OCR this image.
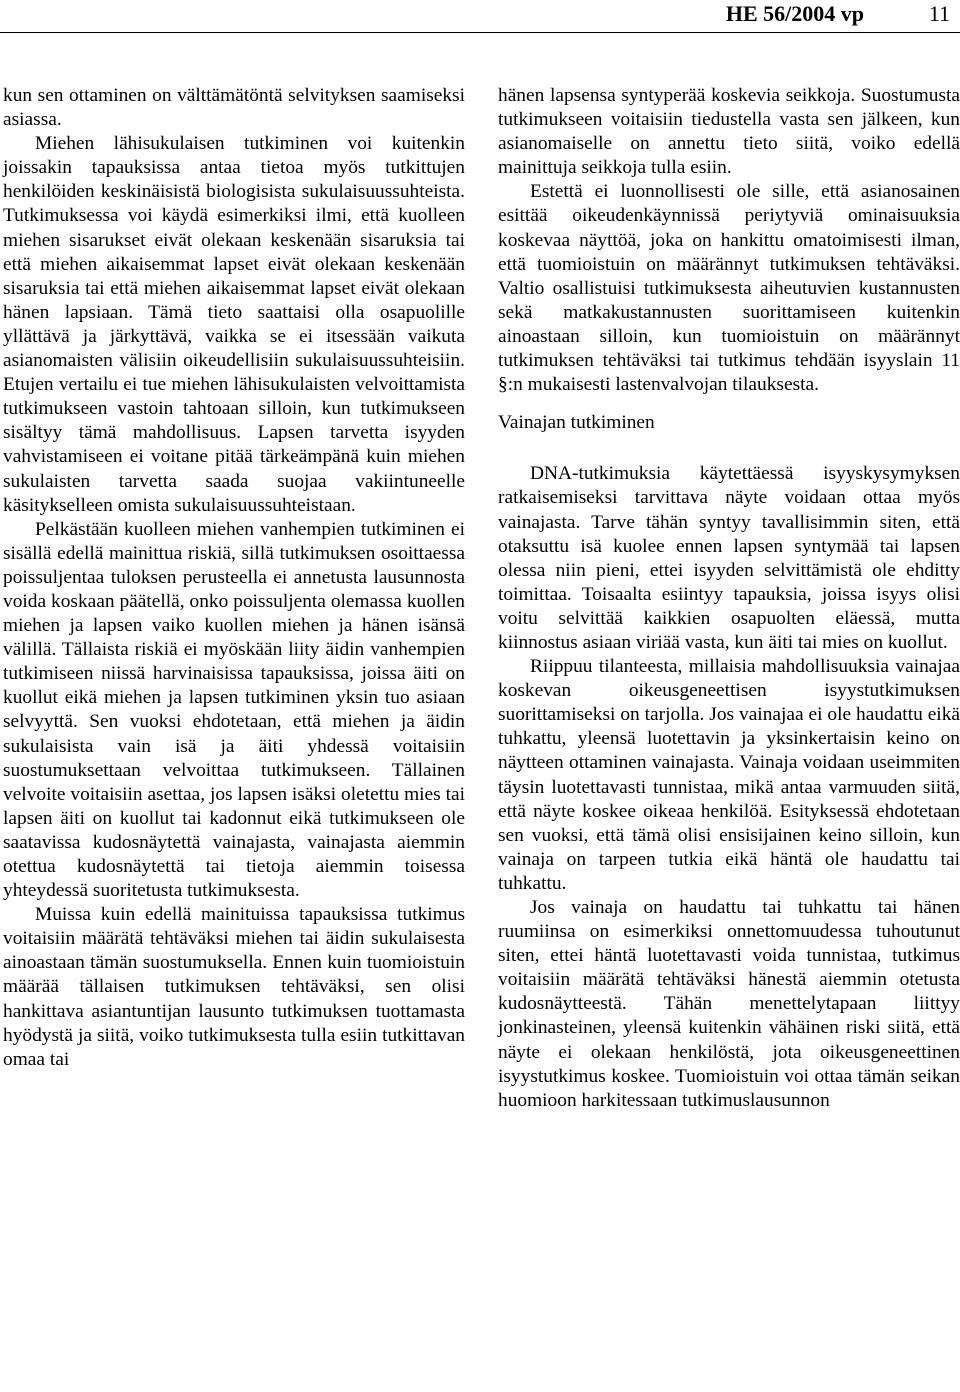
HE 56/2004 vp	11

kun sen ottaminen on välttämätöntä selvityksen saamiseksi asiassa.

Miehen lähisukulaisen tutkiminen voi kuitenkin joissakin tapauksissa antaa tietoa myös tutkittujen henkilöiden keskinäisistä biologisista sukulaisuussuhteista. Tutkimuksessa voi käydä esimerkiksi ilmi, että kuolleen miehen sisarukset eivät olekaan keskenään sisaruksia tai että miehen aikaisemmat lapset eivät olekaan keskenään sisaruksia tai että miehen aikaisemmat lapset eivät olekaan hänen lapsiaan. Tämä tieto saattaisi olla osapuolille yllättävä ja järkyttävä, vaikka se ei itsessään vaikuta asianomaisten välisiin oikeudellisiin sukulaisuussuhteisiin. Etujen vertailu ei tue miehen lähisukulaisten velvoittamista tutkimukseen vastoin tahtoaan silloin, kun tutkimukseen sisältyy tämä mahdollisuus. Lapsen tarvetta isyyden vahvistamiseen ei voitane pitää tärkeämpänä kuin miehen sukulaisten tarvetta saada suojaa vakiintuneelle käsitykselleen omista sukulaisuussuhteistaan.

Pelkästään kuolleen miehen vanhempien tutkiminen ei sisällä edellä mainittua riskiä, sillä tutkimuksen osoittaessa poissuljentaa tuloksen perusteella ei annetusta lausunnosta voida koskaan päätellä, onko poissuljenta olemassa kuollen miehen ja lapsen vaiko kuollen miehen ja hänen isänsä välillä. Tällaista riskiä ei myöskään liity äidin vanhempien tutkimiseen niissä harvinaisissa tapauksissa, joissa äiti on kuollut eikä miehen ja lapsen tutkiminen yksin tuo asiaan selvyyttä. Sen vuoksi ehdotetaan, että miehen ja äidin sukulaisista vain isä ja äiti yhdessä voitaisiin suostumuksettaan velvoittaa tutkimukseen. Tällainen velvoite voitaisiin asettaa, jos lapsen isäksi oletettu mies tai lapsen äiti on kuollut tai kadonnut eikä tutkimukseen ole saatavissa kudosnäytettä vainajasta, vainajasta aiemmin otettua kudosnäytettä tai tietoja aiemmin toisessa yhteydessä suoritetusta tutkimuksesta.

Muissa kuin edellä mainituissa tapauksissa tutkimus voitaisiin määrätä tehtäväksi miehen tai äidin sukulaisesta ainoastaan tämän suostumuksella. Ennen kuin tuomioistuin määrää tällaisen tutkimuksen tehtäväksi, sen olisi hankittava asiantuntijan lausunto tutkimuksen tuottamasta hyödystä ja siitä, voiko tutkimuksesta tulla esiin tutkittavan omaa tai

hänen lapsensa syntyperää koskevia seikkoja. Suostumusta tutkimukseen voitaisiin tiedustella vasta sen jälkeen, kun asianomaiselle on annettu tieto siitä, voiko edellä mainittuja seikkoja tulla esiin.

Estettä ei luonnollisesti ole sille, että asianosainen esittää oikeudenkäynnissä periytyviä ominaisuuksia koskevaa näyttöä, joka on hankittu omatoimisesti ilman, että tuomioistuin on määrännyt tutkimuksen tehtäväksi. Valtio osallistuisi tutkimuksesta aiheutuvien kustannusten sekä matkakustannusten suorittamiseen kuitenkin ainoastaan silloin, kun tuomioistuin on määrännyt tutkimuksen tehtäväksi tai tutkimus tehdään isyyslain 11 §:n mukaisesti lastenvalvojan tilauksesta.

Vainajan tutkiminen

DNA-tutkimuksia käytettäessä isyyskysymyksen ratkaisemiseksi tarvittava näyte voidaan ottaa myös vainajasta. Tarve tähän syntyy tavallisimmin siten, että otaksuttu isä kuolee ennen lapsen syntymää tai lapsen olessa niin pieni, ettei isyyden selvittämistä ole ehditty toimittaa. Toisaalta esiintyy tapauksia, joissa isyys olisi voitu selvittää kaikkien osapuolten eläessä, mutta kiinnostus asiaan viriää vasta, kun äiti tai mies on kuollut.

Riippuu tilanteesta, millaisia mahdollisuuksia vainajaa koskevan oikeusgeneettisen isyystutkimuksen suorittamiseksi on tarjolla. Jos vainajaa ei ole haudattu eikä tuhkattu, yleensä luotettavin ja yksinkertaisin keino on näytteen ottaminen vainajasta. Vainaja voidaan useimmiten täysin luotettavasti tunnistaa, mikä antaa varmuuden siitä, että näyte koskee oikeaa henkilöä. Esityksessä ehdotetaan sen vuoksi, että tämä olisi ensisijainen keino silloin, kun vainaja on tarpeen tutkia eikä häntä ole haudattu tai tuhkattu.

Jos vainaja on haudattu tai tuhkattu tai hänen ruumiinsa on esimerkiksi onnettomuudessa tuhoutunut siten, ettei häntä luotettavasti voida tunnistaa, tutkimus voitaisiin määrätä tehtäväksi hänestä aiemmin otetusta kudosnäytteestä. Tähän menettelytapaan liittyy jonkinasteinen, yleensä kuitenkin vähäinen riski siitä, että näyte ei olekaan henkilöstä, jota oikeusgeneettinen isyystutkimus koskee. Tuomioistuin voi ottaa tämän seikan huomioon harkitessaan tutkimuslausunnon
